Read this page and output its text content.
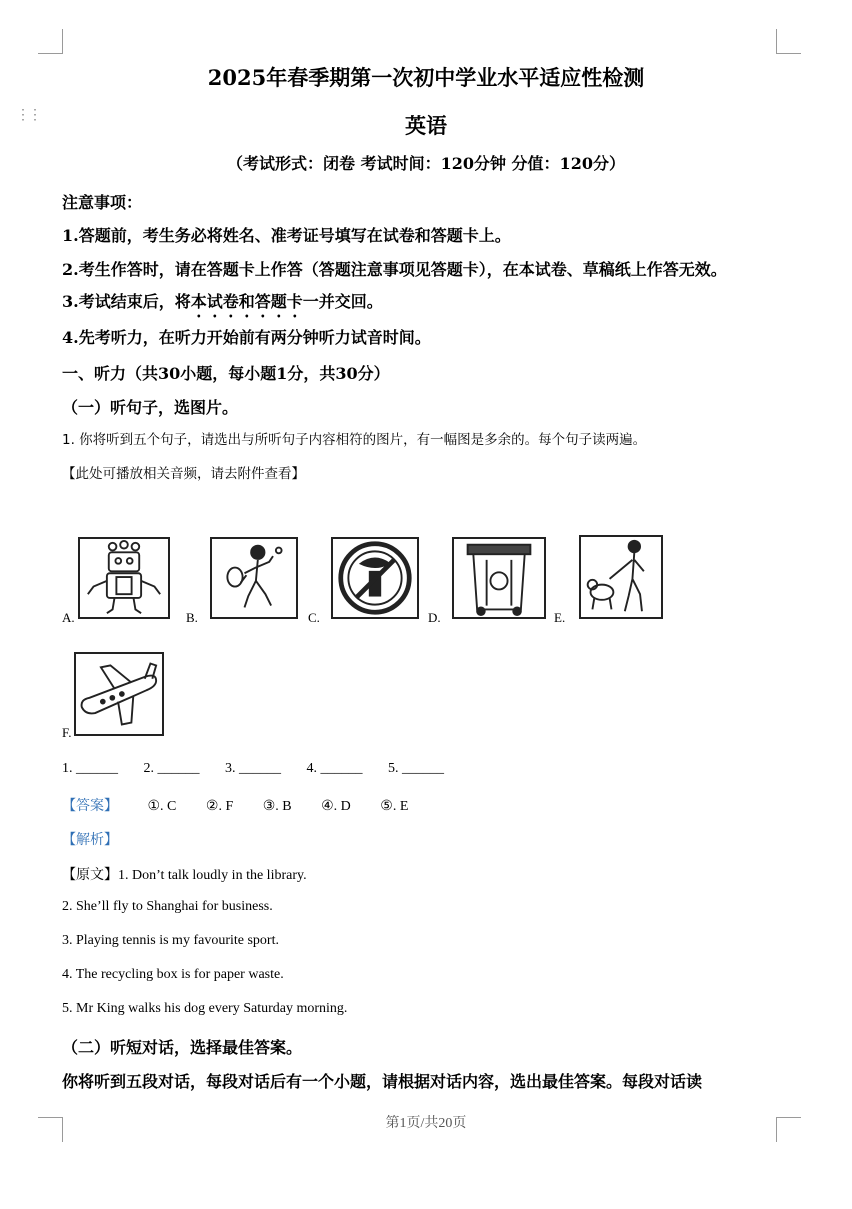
⋮⋮
2025年春季期第一次初中学业水平适应性检测
英语
（考试形式：闭卷 考试时间：120分钟 分值：120分）
注意事项：
1.答题前，考生务必将姓名、准考证号填写在试卷和答题卡上。
2.考生作答时，请在答题卡上作答（答题注意事项见答题卡），在本试卷、草稿纸上作答无效。
3.考试结束后，将本试卷和答题卡一并交回。
4.先考听力，在听力开始前有两分钟听力试音时间。
一、听力（共30小题，每小题1分，共30分）
（一）听句子，选图片。
1. 你将听到五个句子，请选出与所听句子内容相符的图片，有一幅图是多余的。每个句子读两遍。
【此处可播放相关音频，请去附件查看】
A.	B.	C.	D.	E.
F.
1. ______ 2. ______ 3. ______ 4. ______ 5. ______
【答案】 ①. C ②. F ③. B ④. D ⑤. E
【解析】
【原文】1. Don’t talk loudly in the library.
2. She’ll fly to Shanghai for business.
3. Playing tennis is my favourite sport.
4. The recycling box is for paper waste.
5. Mr King walks his dog every Saturday morning.
（二）听短对话，选择最佳答案。
你将听到五段对话，每段对话后有一个小题，请根据对话内容，选出最佳答案。每段对话读
第1页/共20页
